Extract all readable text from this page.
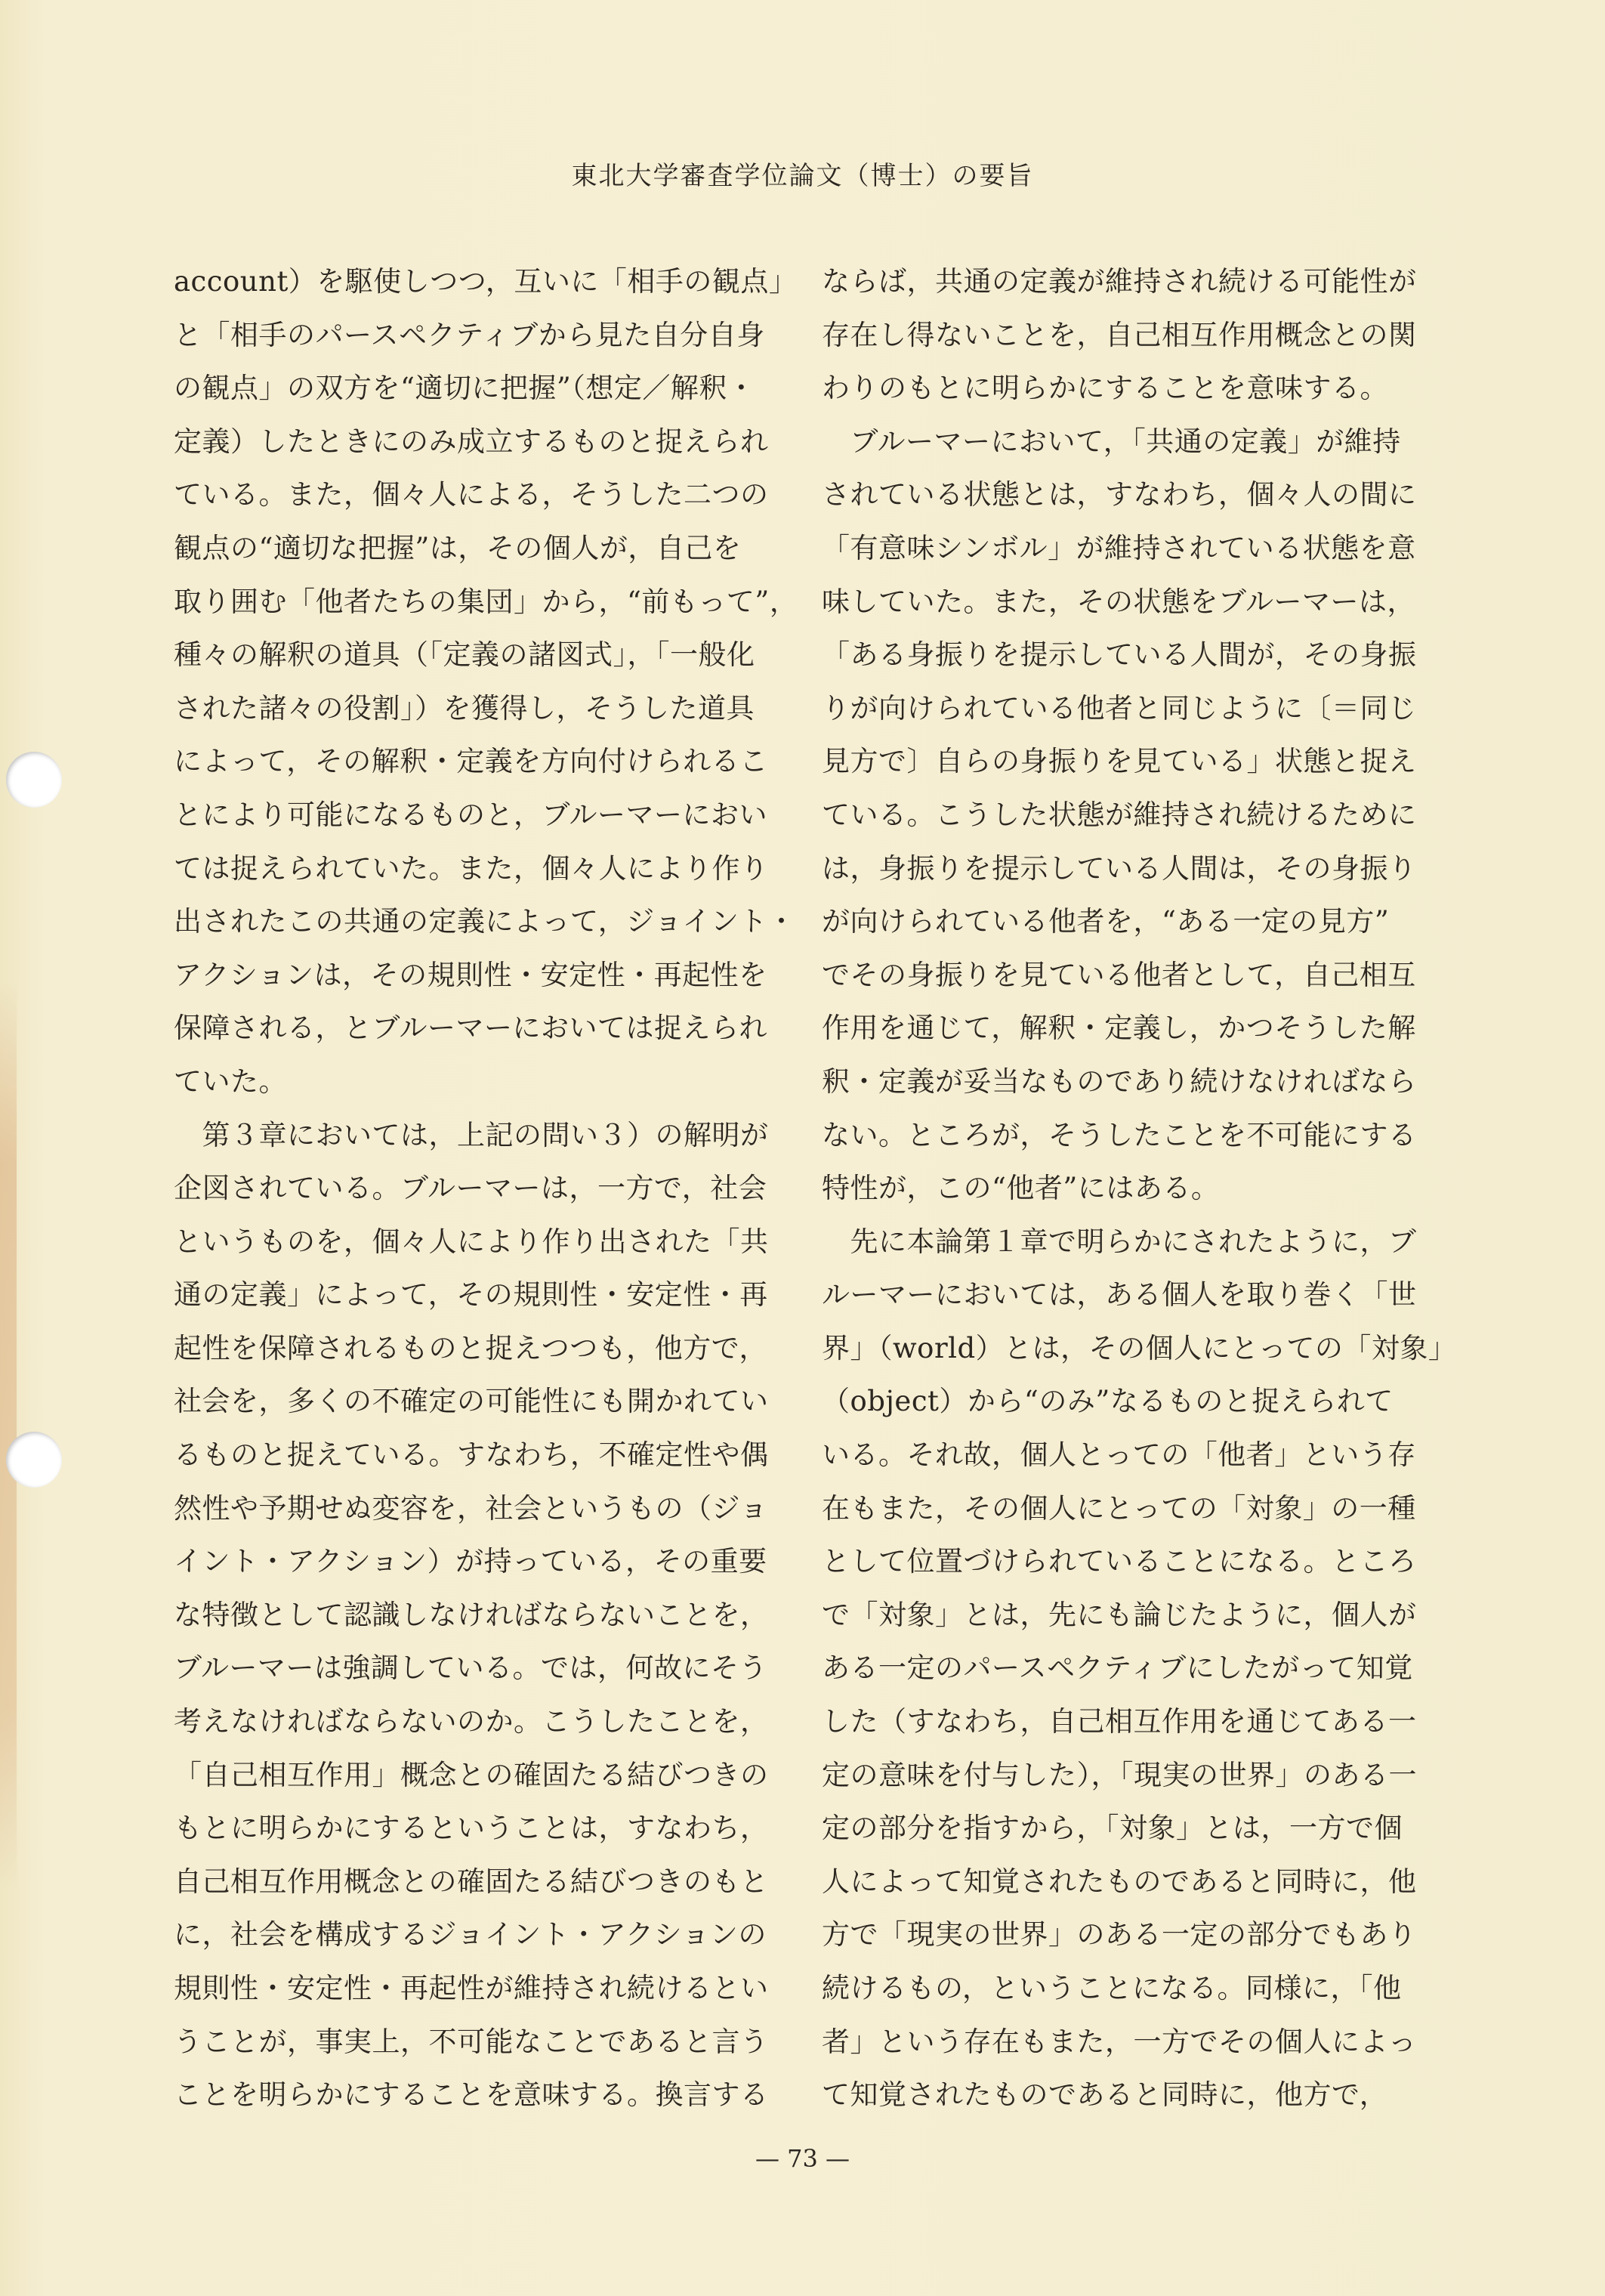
東北大学審査学位論文（博士）の要旨
account）を駆使しつつ，互いに「相手の観点」
と「相手のパースペクティブから見た自分自身
の観点」の双方を“適切に把握”（想定／解釈・
定義）したときにのみ成立するものと捉えられ
ている。また，個々人による，そうした二つの
観点の“適切な把握”は，その個人が，自己を
取り囲む「他者たちの集団」から，“前もって”，
種々の解釈の道具（「定義の諸図式」，「一般化
された諸々の役割」）を獲得し，そうした道具
によって，その解釈・定義を方向付けられるこ
とにより可能になるものと，ブルーマーにおい
ては捉えられていた。また，個々人により作り
出されたこの共通の定義によって，ジョイント・
アクションは，その規則性・安定性・再起性を
保障される，とブルーマーにおいては捉えられ
ていた。
　第３章においては，上記の問い３）の解明が
企図されている。ブルーマーは，一方で，社会
というものを，個々人により作り出された「共
通の定義」によって，その規則性・安定性・再
起性を保障されるものと捉えつつも，他方で，
社会を，多くの不確定の可能性にも開かれてい
るものと捉えている。すなわち，不確定性や偶
然性や予期せぬ変容を，社会というもの（ジョ
イント・アクション）が持っている，その重要
な特徴として認識しなければならないことを，
ブルーマーは強調している。では，何故にそう
考えなければならないのか。こうしたことを，
「自己相互作用」概念との確固たる結びつきの
もとに明らかにするということは，すなわち，
自己相互作用概念との確固たる結びつきのもと
に，社会を構成するジョイント・アクションの
規則性・安定性・再起性が維持され続けるとい
うことが，事実上，不可能なことであると言う
ことを明らかにすることを意味する。換言する
ならば，共通の定義が維持され続ける可能性が
存在し得ないことを，自己相互作用概念との関
わりのもとに明らかにすることを意味する。
　ブルーマーにおいて，「共通の定義」が維持
されている状態とは，すなわち，個々人の間に
「有意味シンボル」が維持されている状態を意
味していた。また，その状態をブルーマーは，
「ある身振りを提示している人間が，その身振
りが向けられている他者と同じように〔＝同じ
見方で〕自らの身振りを見ている」状態と捉え
ている。こうした状態が維持され続けるために
は，身振りを提示している人間は，その身振り
が向けられている他者を，“ある一定の見方”
でその身振りを見ている他者として，自己相互
作用を通じて，解釈・定義し，かつそうした解
釈・定義が妥当なものであり続けなければなら
ない。ところが，そうしたことを不可能にする
特性が，この“他者”にはある。
　先に本論第１章で明らかにされたように，ブ
ルーマーにおいては，ある個人を取り巻く「世
界」（world）とは，その個人にとっての「対象」
（object）から“のみ”なるものと捉えられて
いる。それ故，個人とっての「他者」という存
在もまた，その個人にとっての「対象」の一種
として位置づけられていることになる。ところ
で「対象」とは，先にも論じたように，個人が
ある一定のパースペクティブにしたがって知覚
した（すなわち，自己相互作用を通じてある一
定の意味を付与した），「現実の世界」のある一
定の部分を指すから，「対象」とは，一方で個
人によって知覚されたものであると同時に，他
方で「現実の世界」のある一定の部分でもあり
続けるもの，ということになる。同様に，「他
者」という存在もまた，一方でその個人によっ
て知覚されたものであると同時に，他方で，
— 73 —
